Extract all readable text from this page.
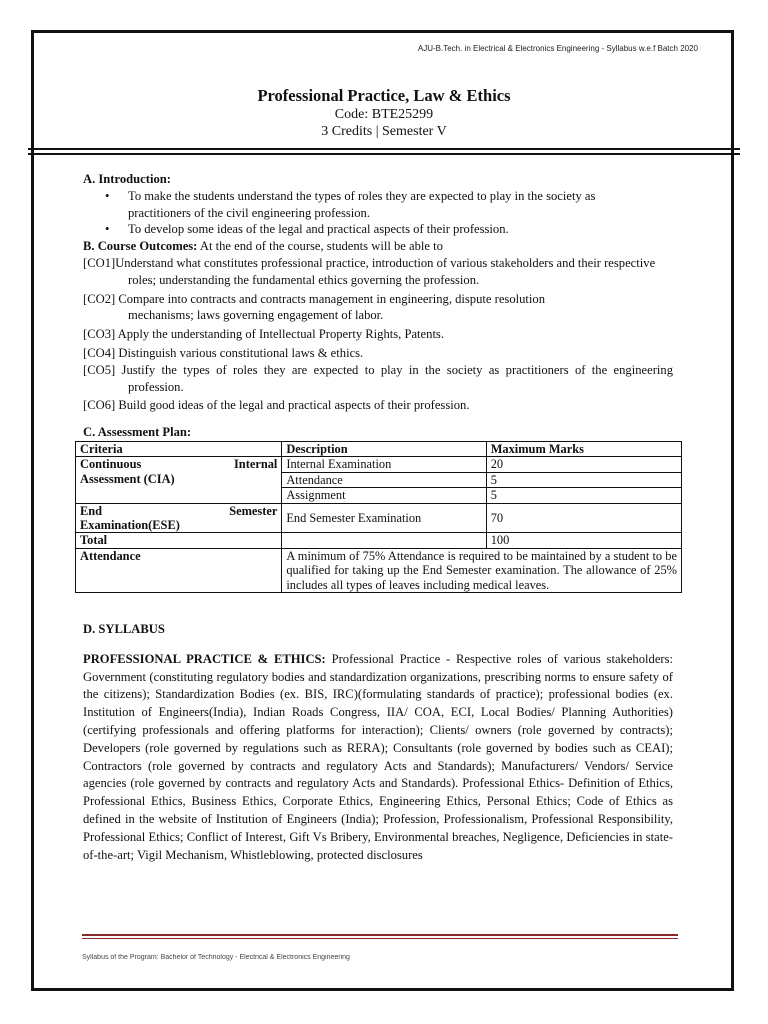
AJU-B.Tech. in Electrical & Electronics Engineering - Syllabus w.e.f Batch 2020
Professional Practice, Law & Ethics
Code: BTE25299
3 Credits | Semester V
A. Introduction:
• To make the students understand the types of roles they are expected to play in the society as practitioners of the civil engineering profession.
• To develop some ideas of the legal and practical aspects of their profession.
B. Course Outcomes: At the end of the course, students will be able to
[CO1]Understand what constitutes professional practice, introduction of various stakeholders and their respective roles; understanding the fundamental ethics governing the profession.
[CO2] Compare into contracts and contracts management in engineering, dispute resolution mechanisms; laws governing engagement of labor.
[CO3] Apply the understanding of Intellectual Property Rights, Patents.
[CO4] Distinguish various constitutional laws & ethics.
[CO5] Justify the types of roles they are expected to play in the society as practitioners of the engineering profession.
[CO6] Build good ideas of the legal and practical aspects of their profession.
C. Assessment Plan:
Criteria	Description	Maximum Marks

Continuous Internal
Assessment (CIA)	Internal Examination	20
	Attendance	5
	Assignment	5

End Semester
Examination(ESE)	End Semester Examination	70
Total		100
Attendance	A minimum of 75% Attendance is required to be maintained by a student to be qualified for taking up the End Semester examination. The allowance of 25% includes all types of leaves including medical leaves.	
D. SYLLABUS
PROFESSIONAL PRACTICE & ETHICS: Professional Practice - Respective roles of various stakeholders: Government (constituting regulatory bodies and standardization organizations, prescribing norms to ensure safety of the citizens); Standardization Bodies (ex. BIS, IRC)(formulating standards of practice); professional bodies (ex. Institution of Engineers(India), Indian Roads Congress, IIA/ COA, ECI, Local Bodies/ Planning Authorities) (certifying professionals and offering platforms for interaction); Clients/ owners (role governed by contracts); Developers (role governed by regulations such as RERA); Consultants (role governed by bodies such as CEAI); Contractors (role governed by contracts and regulatory Acts and Standards); Manufacturers/ Vendors/ Service agencies (role governed by contracts and regulatory Acts and Standards). Professional Ethics- Definition of Ethics, Professional Ethics, Business Ethics, Corporate Ethics, Engineering Ethics, Personal Ethics; Code of Ethics as defined in the website of Institution of Engineers (India); Profession, Professionalism, Professional Responsibility, Professional Ethics; Conflict of Interest, Gift Vs Bribery, Environmental breaches, Negligence, Deficiencies in state-of-the-art; Vigil Mechanism, Whistleblowing, protected disclosures
Syllabus of the Program: Bachelor of Technology - Electrical & Electronics Engineering
